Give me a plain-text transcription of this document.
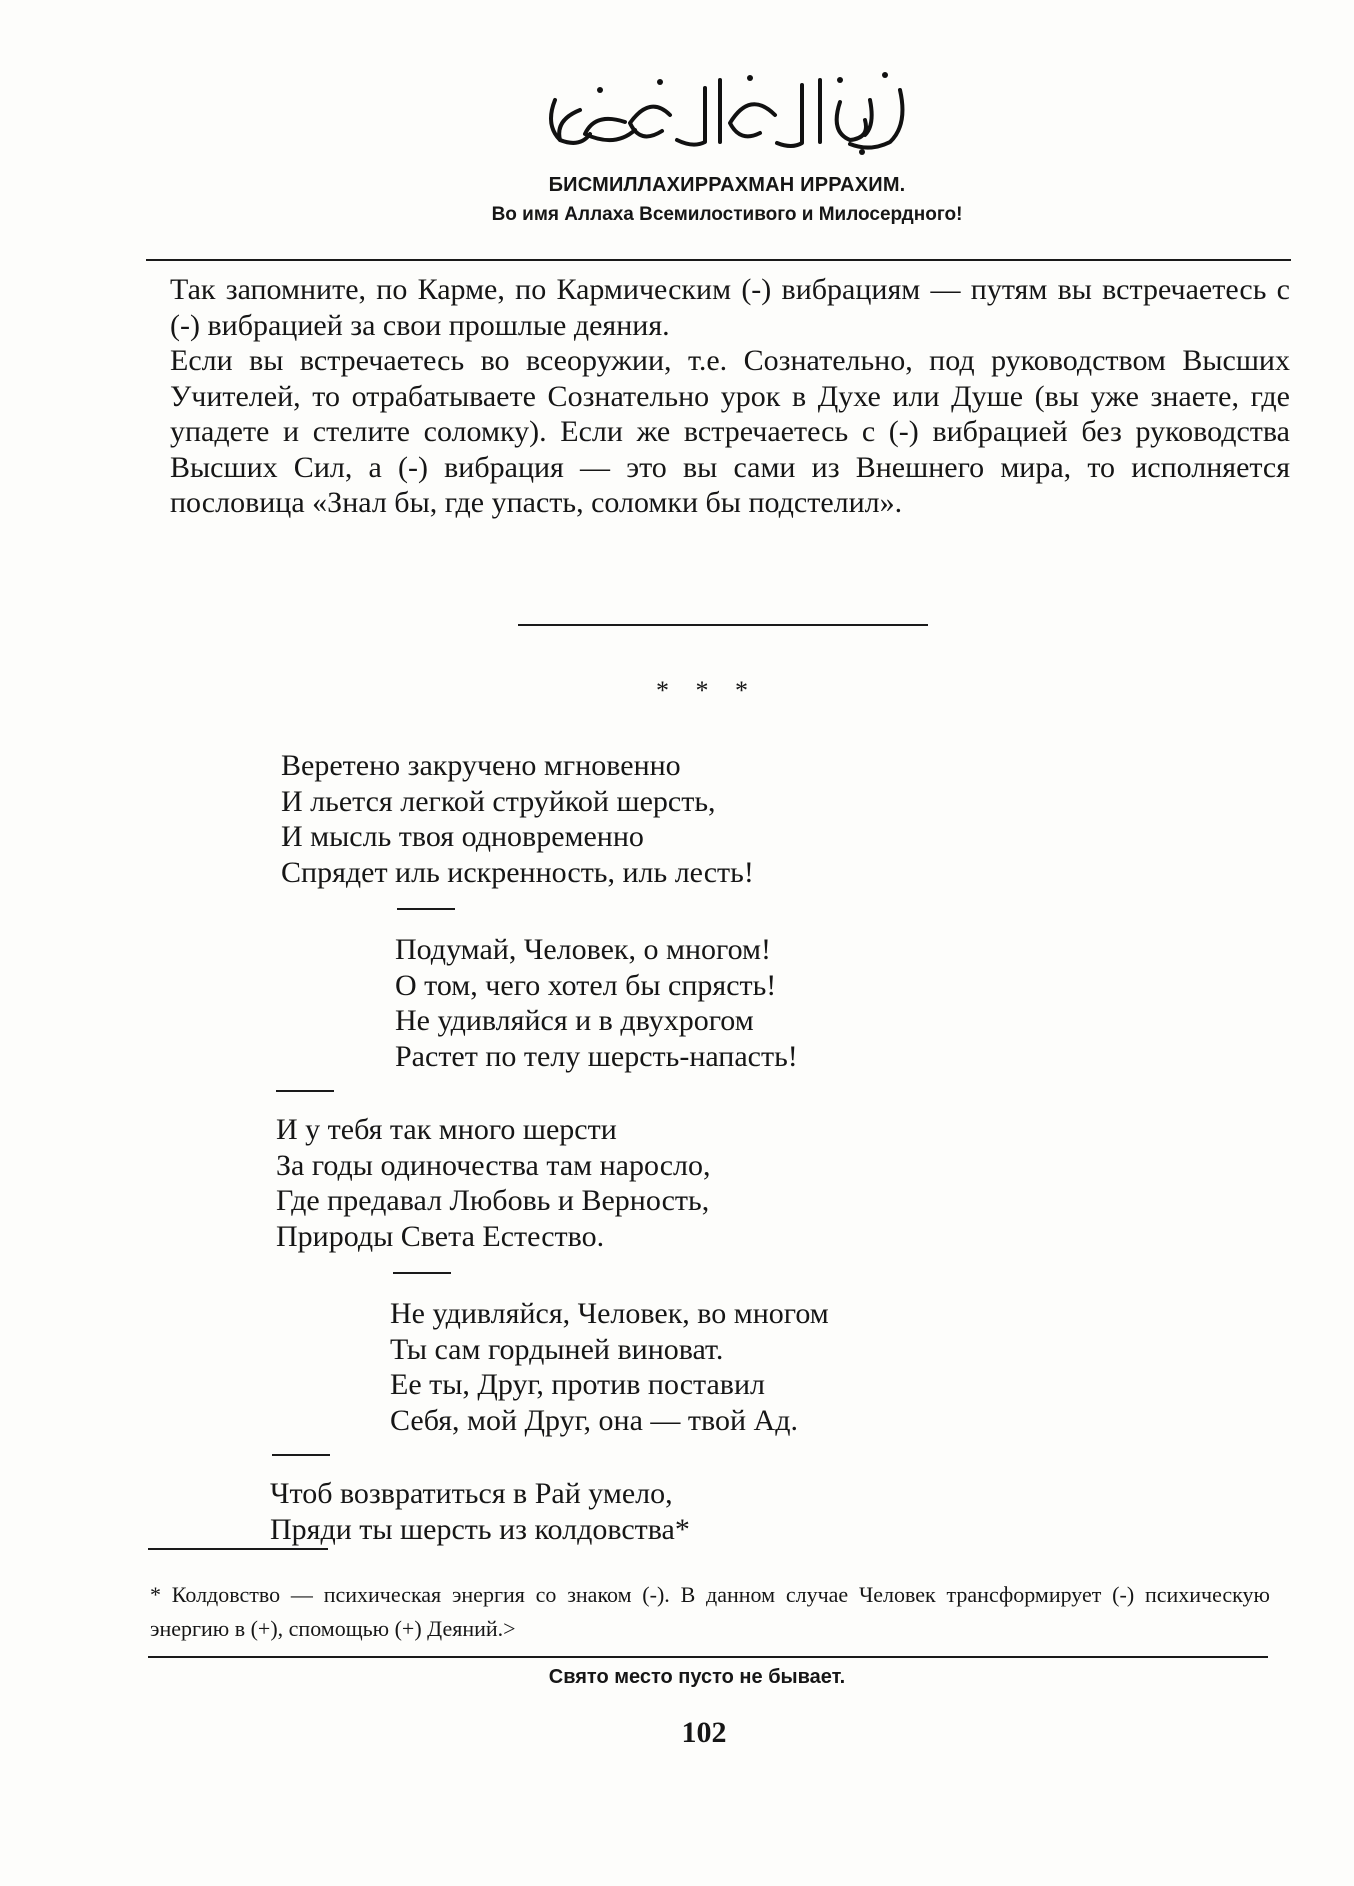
БИСМИЛЛАХИРРАХМАН ИРРАХИМ.
Во имя Аллаха Всемилостивого и Милосердного!

Так запомните, по Карме, по Кармическим (-) вибрациям — путям вы встречаетесь с (-) вибрацией за свои прошлые деяния.

Если вы встречаетесь во всеоружии, т.е. Сознательно, под руководством Высших Учителей, то отрабатываете Сознательно урок в Духе или Душе (вы уже знаете, где упадете и стелите соломку). Если же встречаетесь с (-) вибрацией без руководства Высших Сил, а (-) вибрация — это вы сами из Внешнего мира, то исполняется пословица «Знал бы, где упасть, соломки бы подстелил».

* * *
Веретено закручено мгновенно
И льется легкой струйкой шерсть,
И мысль твоя одновременно
Спрядет иль искренность, иль лесть!
Подумай, Человек, о многом!
О том, чего хотел бы спрясть!
Не удивляйся и в двухрогом
Растет по телу шерсть-напасть!
И у тебя так много шерсти
За годы одиночества там наросло,
Где предавал Любовь и Верность,
Природы Света Естество.
Не удивляйся, Человек, во многом
Ты сам гордыней виноват.
Ее ты, Друг, против поставил
Себя, мой Друг, она — твой Ад.
Чтоб возвратиться в Рай умело,
Пряди ты шерсть из колдовства*
* Колдовство — психическая энергия со знаком (-). В данном случае Человек трансформирует (-) психическую энергию в (+), спомощью (+) Деяний.>
Свято место пусто не бывает.
102
